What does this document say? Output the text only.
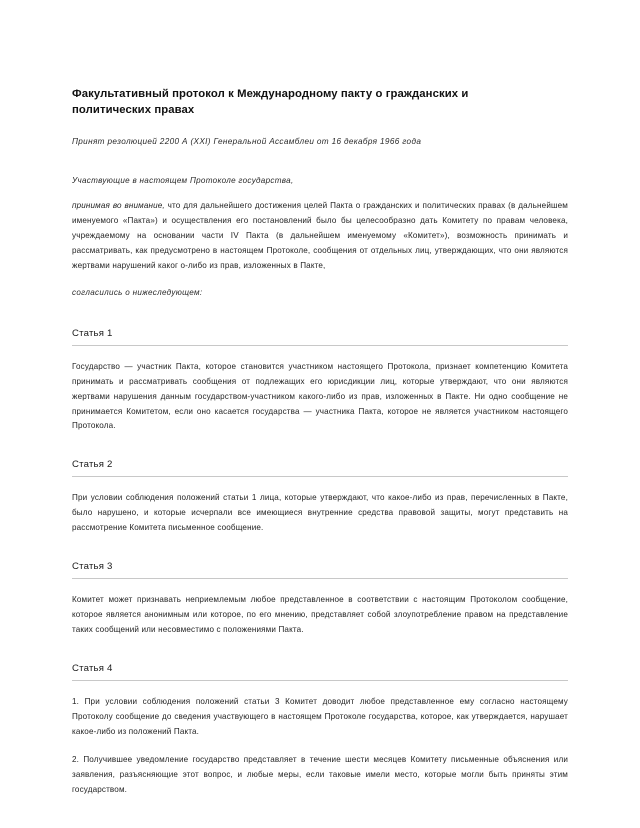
Факультативный протокол к Международному пакту о гражданских и политических правах
Принят резолюцией 2200 А (XXI) Генеральной Ассамблеи от 16 декабря 1966 года
Участвующие в настоящем Протоколе государства,

принимая во внимание, что для дальнейшего достижения целей Пакта о гражданских и политических правах (в дальнейшем именуемого «Пакта») и осуществления его постановлений было бы целесообразно дать Комитету по правам человека, учреждаемому на основании части IV Пакта (в дальнейшем именуемому «Комитет»), возможность принимать и рассматривать, как предусмотрено в настоящем Протоколе, сообщения от отдельных лиц, утверждающих, что они являются жертвами нарушений каког о-либо из прав, изложенных в Пакте,

согласились о нижеследующем:
Статья 1

Государство — участник Пакта, которое становится участником настоящего Протокола, признает компетенцию Комитета принимать и рассматривать сообщения от подлежащих его юрисдикции лиц, которые утверждают, что они являются жертвами нарушения данным государством-участником какого-либо из прав, изложенных в Пакте. Ни одно сообщение не принимается Комитетом, если оно касается государства — участника Пакта, которое не является участником настоящего Протокола.

Статья 2

При условии соблюдения положений статьи 1 лица, которые утверждают, что какое-либо из прав, перечисленных в Пакте, было нарушено, и которые исчерпали все имеющиеся внутренние средства правовой защиты, могут представить на рассмотрение Комитета письменное сообщение.

Статья 3

Комитет может признавать неприемлемым любое представленное в соответствии с настоящим Протоколом сообщение, которое является анонимным или которое, по его мнению, представляет собой злоупотребление правом на представление таких сообщений или несовместимо с положениями Пакта.

Статья 4

1. При условии соблюдения положений статьи 3 Комитет доводит любое представленное ему согласно настоящему Протоколу сообщение до сведения участвующего в настоящем Протоколе государства, которое, как утверждается, нарушает какое-либо из положений Пакта.

2. Получившее уведомление государство представляет в течение шести месяцев Комитету письменные объяснения или заявления, разъясняющие этот вопрос, и любые меры, если таковые имели место, которые могли быть приняты этим государством.
